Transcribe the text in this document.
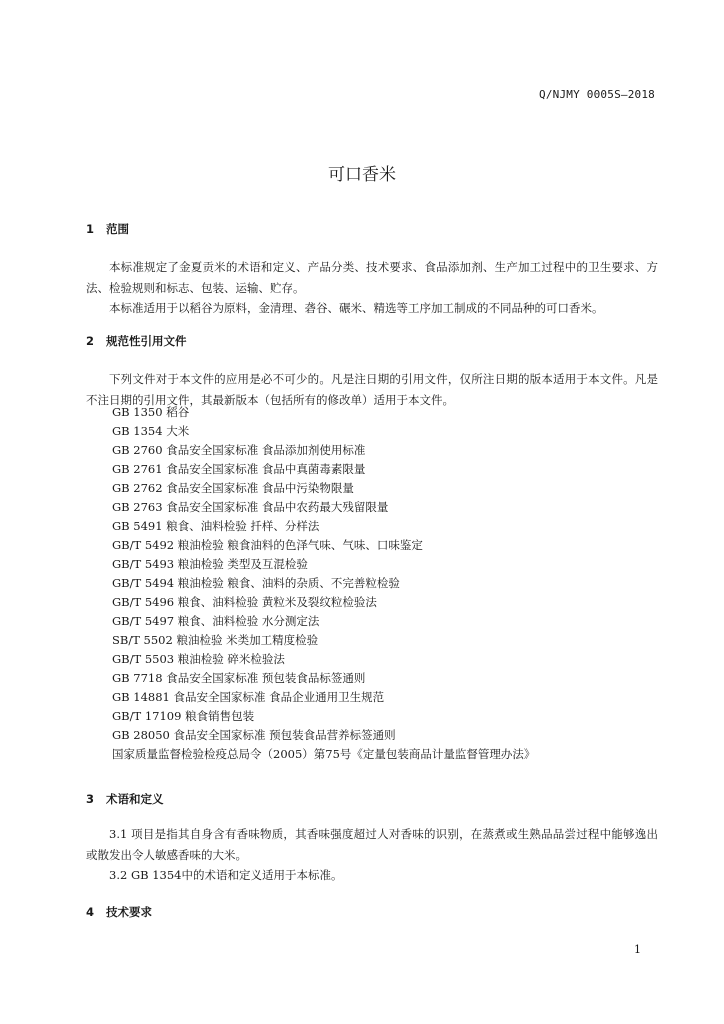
Q/NJMY 0005S—2018
可口香米
1 范围

本标准规定了金夏贡米的术语和定义、产品分类、技术要求、食品添加剂、生产加工过程中的卫生要求、方法、检验规则和标志、包装、运输、贮存。

本标准适用于以稻谷为原料，金清理、砻谷、碾米、精选等工序加工制成的不同品种的可口香米。

2 规范性引用文件

下列文件对于本文件的应用是必不可少的。凡是注日期的引用文件，仅所注日期的版本适用于本文件。凡是不注日期的引用文件，其最新版本（包括所有的修改单）适用于本文件。

GB 1350 稻谷
GB 1354 大米
GB 2760 食品安全国家标准 食品添加剂使用标准
GB 2761 食品安全国家标准 食品中真菌毒素限量
GB 2762 食品安全国家标准 食品中污染物限量
GB 2763 食品安全国家标准 食品中农药最大残留限量
GB 5491 粮食、油料检验 扦样、分样法
GB/T 5492 粮油检验 粮食油料的色泽气味、气味、口味鉴定
GB/T 5493 粮油检验 类型及互混检验
GB/T 5494 粮油检验 粮食、油料的杂质、不完善粒检验
GB/T 5496 粮食、油料检验 黄粒米及裂纹粒检验法
GB/T 5497 粮食、油料检验 水分测定法
SB/T 5502 粮油检验 米类加工精度检验
GB/T 5503 粮油检验 碎米检验法
GB 7718 食品安全国家标准 预包装食品标签通则
GB 14881 食品安全国家标准 食品企业通用卫生规范
GB/T 17109 粮食销售包装
GB 28050 食品安全国家标准 预包装食品营养标签通则
国家质量监督检验检疫总局令（2005）第75号《定量包装商品计量监督管理办法》
3 术语和定义

3.1 项目是指其自身含有香味物质，其香味强度超过人对香味的识别，在蒸煮或生熟品品尝过程中能够逸出或散发出令人敏感香味的大米。

3.2 GB 1354中的术语和定义适用于本标准。

4 技术要求
1
